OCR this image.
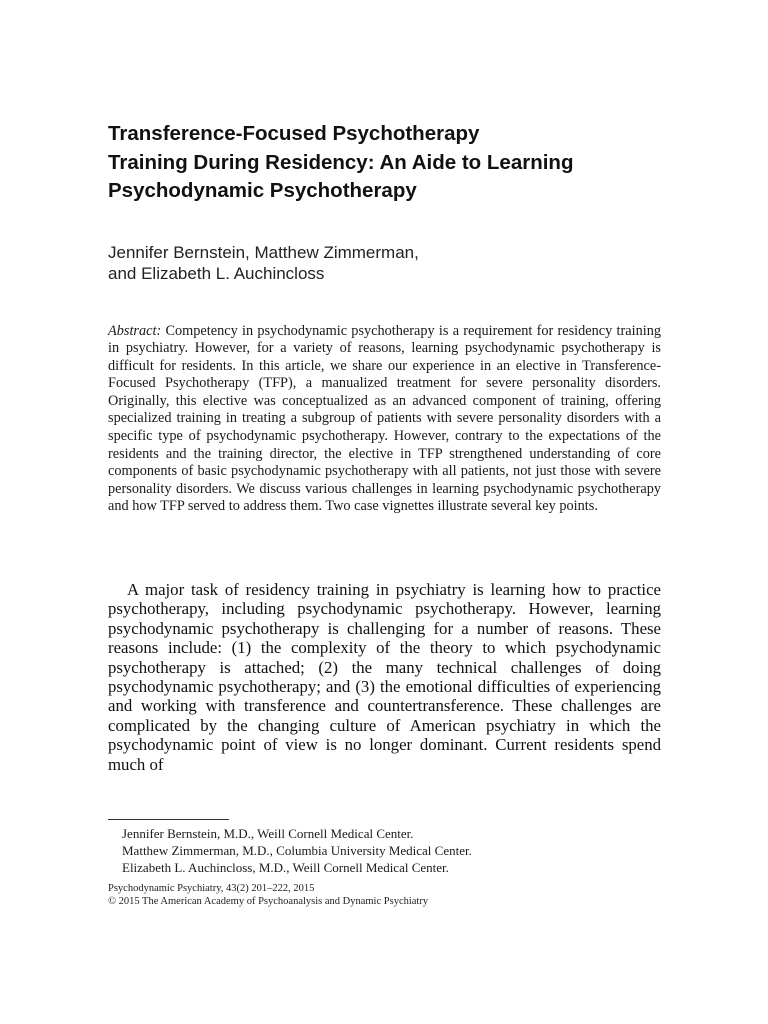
Transference-Focused Psychotherapy
Training During Residency: An Aide to Learning
Psychodynamic Psychotherapy
Jennifer Bernstein, Matthew Zimmerman,
and Elizabeth L. Auchincloss

Abstract: Competency in psychodynamic psychotherapy is a requirement for residency training in psychiatry. However, for a variety of reasons, learning psychodynamic psychotherapy is difficult for residents. In this article, we share our experience in an elective in Transference-Focused Psychotherapy (TFP), a manualized treatment for severe personality disorders. Originally, this elective was conceptualized as an advanced component of training, offering specialized training in treating a subgroup of patients with severe personality disorders with a specific type of psychodynamic psychotherapy. However, contrary to the expectations of the residents and the training director, the elective in TFP strengthened understanding of core components of basic psychodynamic psychotherapy with all patients, not just those with severe personality disorders. We discuss various challenges in learning psychodynamic psychotherapy and how TFP served to address them. Two case vignettes illustrate several key points.

A major task of residency training in psychiatry is learning how to practice psychotherapy, including psychodynamic psychotherapy. However, learning psychodynamic psychotherapy is challenging for a number of reasons. These reasons include: (1) the complexity of the theory to which psychodynamic psychotherapy is attached; (2) the many technical challenges of doing psychodynamic psychotherapy; and (3) the emotional difficulties of experiencing and working with transference and countertransference. These challenges are complicated by the changing culture of American psychiatry in which the psychodynamic point of view is no longer dominant. Current residents spend much of

Jennifer Bernstein, M.D., Weill Cornell Medical Center.
Matthew Zimmerman, M.D., Columbia University Medical Center.
Elizabeth L. Auchincloss, M.D., Weill Cornell Medical Center.
Psychodynamic Psychiatry, 43(2) 201–222, 2015
© 2015 The American Academy of Psychoanalysis and Dynamic Psychiatry
